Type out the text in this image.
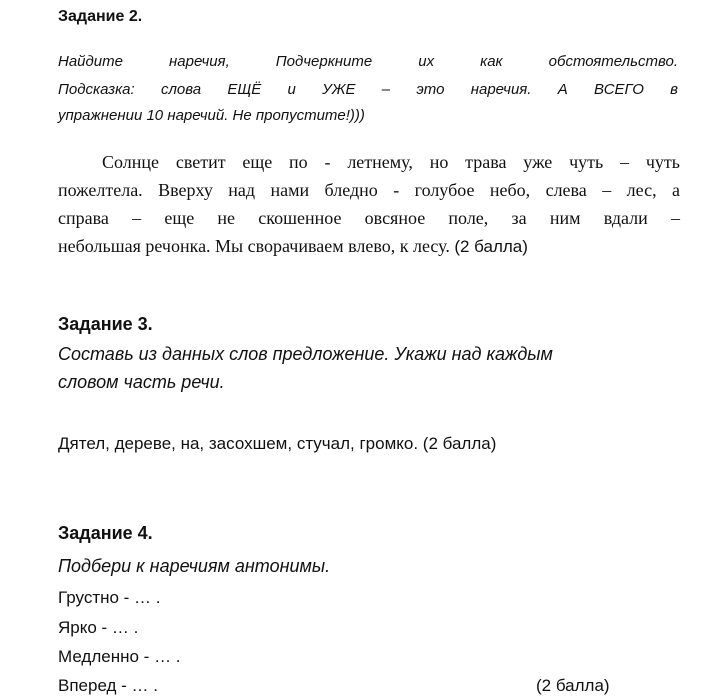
Задание 2.
Найдите наречия, Подчеркните их как обстоятельство.
Подсказка: слова ЕЩЁ и УЖЕ – это наречия. А ВСЕГО в
упражнении 10 наречий. Не пропустите!)))
Солнце светит еще по - летнему, но трава уже чуть – чуть
пожелтела. Вверху над нами бледно - голубое небо, слева – лес, а
справа – еще не скошенное овсяное поле, за ним вдали –
небольшая речонка. Мы сворачиваем влево, к лесу. (2 балла)
Задание 3.
Составь из данных слов предложение. Укажи над каждым
словом часть речи.
Дятел, дереве, на, засохшем, стучал, громко. (2 балла)
Задание 4.
Подбери к наречиям антонимы.
Грустно - … .
Ярко - … .
Медленно - … .
Вперед - … .	(2 балла)
